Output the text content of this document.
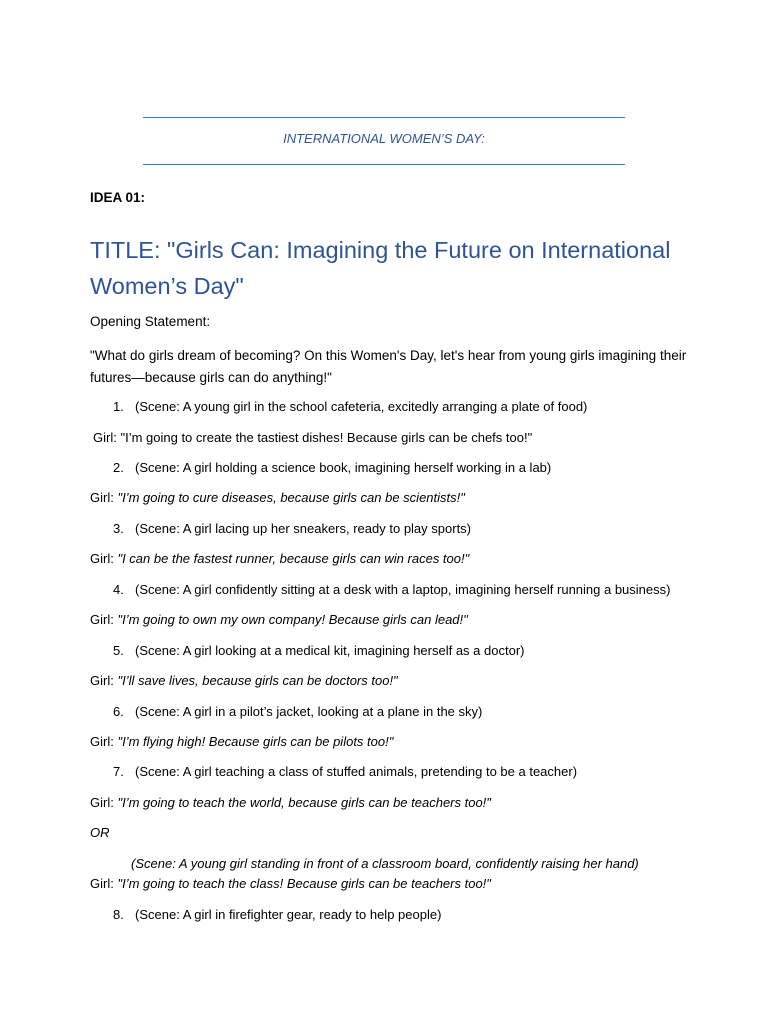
INTERNATIONAL WOMEN’S DAY:
IDEA 01:
TITLE: "Girls Can: Imagining the Future on International Women’s Day"
Opening Statement:
"What do girls dream of becoming? On this Women's Day, let's hear from young girls imagining their futures—because girls can do anything!"
1. (Scene: A young girl in the school cafeteria, excitedly arranging a plate of food)
Girl: "I’m going to create the tastiest dishes! Because girls can be chefs too!"
2. (Scene: A girl holding a science book, imagining herself working in a lab)
Girl: "I’m going to cure diseases, because girls can be scientists!"
3. (Scene: A girl lacing up her sneakers, ready to play sports)
Girl: "I can be the fastest runner, because girls can win races too!"
4. (Scene: A girl confidently sitting at a desk with a laptop, imagining herself running a business)
Girl: "I’m going to own my own company! Because girls can lead!"
5. (Scene: A girl looking at a medical kit, imagining herself as a doctor)
Girl: "I’ll save lives, because girls can be doctors too!"
6. (Scene: A girl in a pilot’s jacket, looking at a plane in the sky)
Girl: "I’m flying high! Because girls can be pilots too!"
7. (Scene: A girl teaching a class of stuffed animals, pretending to be a teacher)
Girl: "I’m going to teach the world, because girls can be teachers too!"
OR
(Scene: A young girl standing in front of a classroom board, confidently raising her hand)
Girl: "I’m going to teach the class! Because girls can be teachers too!"
8. (Scene: A girl in firefighter gear, ready to help people)
